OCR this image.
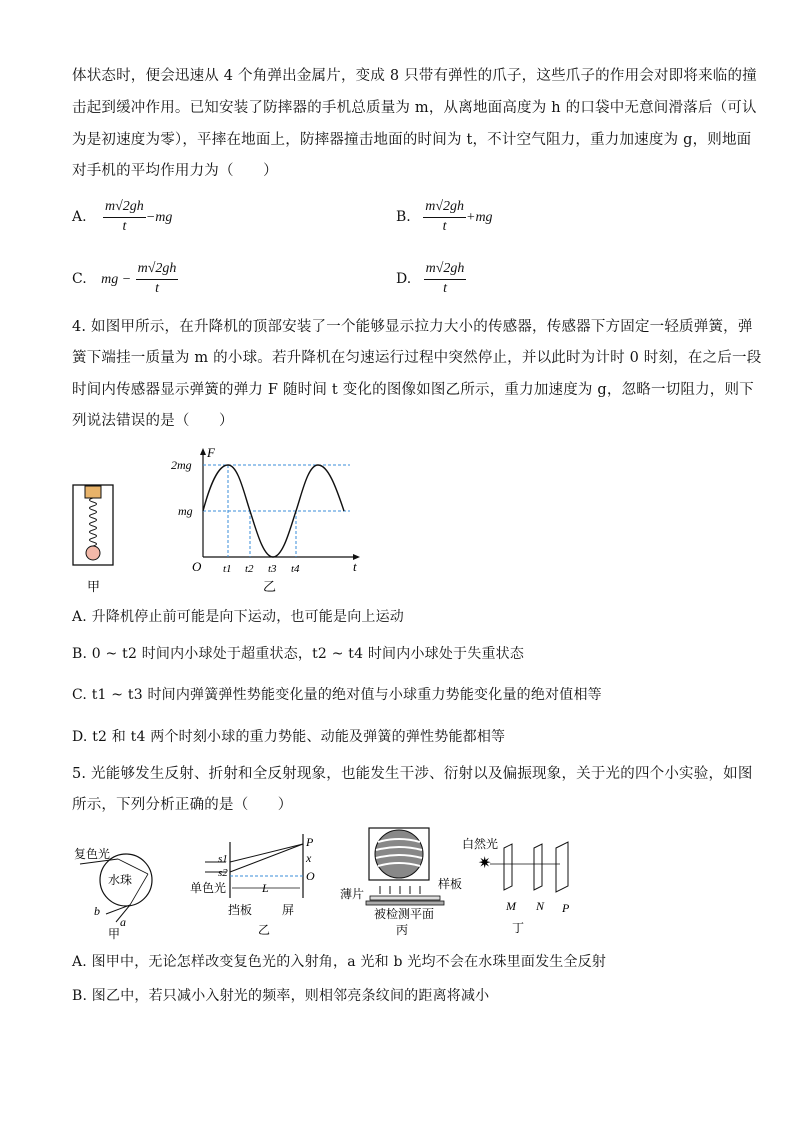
体状态时，便会迅速从 4 个角弹出金属片，变成 8 只带有弹性的爪子，这些爪子的作用会对即将来临的撞
击起到缓冲作用。已知安装了防摔器的手机总质量为 m，从离地面高度为 h 的口袋中无意间滑落后（可认
为是初速度为零），平摔在地面上，防摔器撞击地面的时间为 t，不计空气阻力，重力加速度为 g，则地面
对手机的平均作用力为（　　）
A. $\frac{m√2gh}{t} -mg$	B. $\frac{m√2gh}{t} +mg$
C. mg − $\frac{m√2gh}{t}$	D. $\frac{m√2gh}{t}$
4. 如图甲所示，在升降机的顶部安装了一个能够显示拉力大小的传感器，传感器下方固定一轻质弹簧，弹
簧下端挂一质量为 m 的小球。若升降机在匀速运行过程中突然停止，并以此时为计时 0 时刻，在之后一段
时间内传感器显示弹簧的弹力 F 随时间 t 变化的图像如图乙所示，重力加速度为 g，忽略一切阻力，则下
列说法错误的是（　　）
甲
F
t
O
2mg
mg
t1 t2 t3 t4
乙
A. 升降机停止前可能是向下运动，也可能是向上运动
B. 0 ~ t2 时间内小球处于超重状态，t2 ~ t4 时间内小球处于失重状态
C. t1 ~ t3 时间内弹簧弹性势能变化量的绝对值与小球重力势能变化量的绝对值相等
D. t2 和 t4 两个时刻小球的重力势能、动能及弹簧的弹性势能都相等
5. 光能够发生反射、折射和全反射现象，也能发生干涉、衍射以及偏振现象，关于光的四个小实验，如图
所示，下列分析正确的是（　　）
复色光
水珠
b
a
甲
s1
s2
P
x
O
单色光	L
挡板 屏
乙
薄片
样板
被检测平面
丙
白然光
✷
M N P
丁
A. 图甲中，无论怎样改变复色光的入射角，a 光和 b 光均不会在水珠里面发生全反射
B. 图乙中，若只减小入射光的频率，则相邻亮条纹间的距离将减小
